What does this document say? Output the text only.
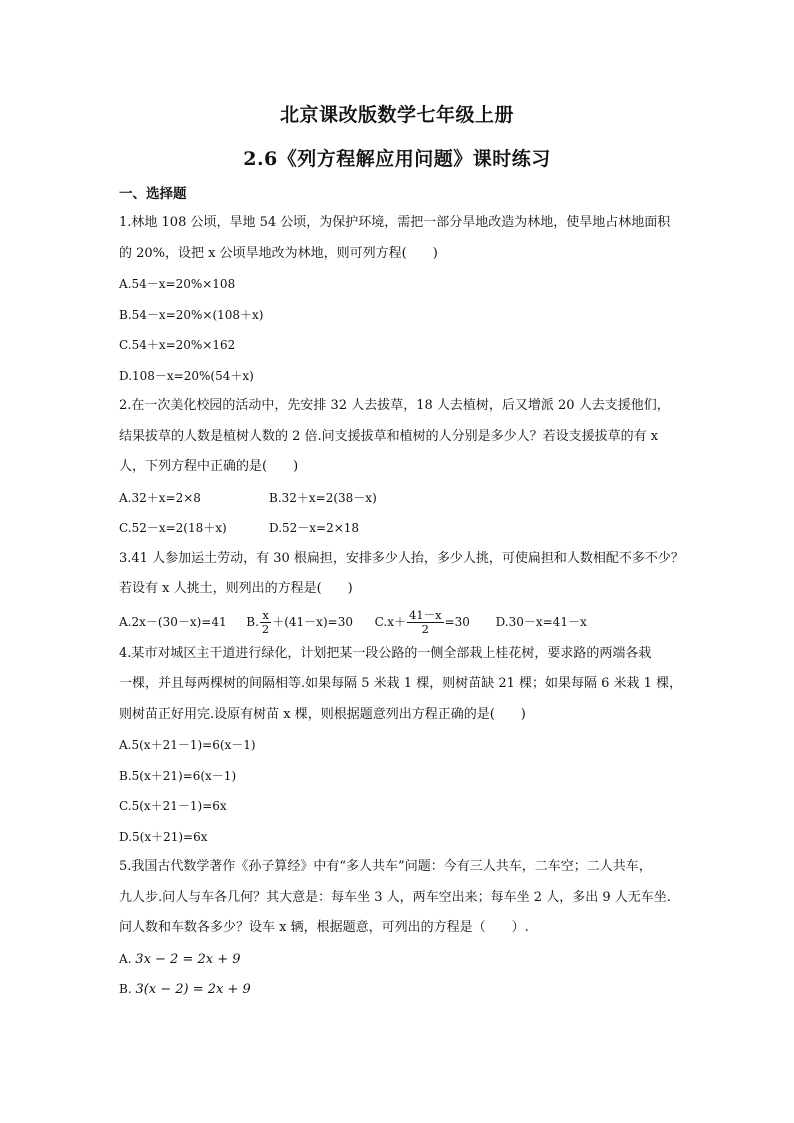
北京课改版数学七年级上册
2.6《列方程解应用问题》课时练习
一、选择题
1.林地 108 公顷，旱地 54 公顷，为保护环境，需把一部分旱地改造为林地，使旱地占林地面积
的 20%，设把 x 公顷旱地改为林地，则可列方程(　　)
A.54－x=20%×108
B.54－x=20%×(108＋x)
C.54＋x=20%×162
D.108－x=20%(54＋x)
2.在一次美化校园的活动中，先安排 32 人去拔草，18 人去植树，后又增派 20 人去支援他们，
结果拔草的人数是植树人数的 2 倍.问支援拔草和植树的人分别是多少人？若设支援拔草的有 x
人，下列方程中正确的是(　　)
A.32＋x=2×8	B.32＋x=2(38－x)
C.52－x=2(18＋x)	D.52－x=2×18
3.41 人参加运土劳动，有 30 根扁担，安排多少人抬，多少人挑，可使扁担和人数相配不多不少？
若设有 x 人挑土，则列出的方程是(　　)
A.2x－(30－x)=41 B. $\frac{x}{2} +(41-x)=30$ $C.x+ \frac{41-x}{2} =30$ D.30－x=41－x
4.某市对城区主干道进行绿化，计划把某一段公路的一侧全部栽上桂花树，要求路的两端各栽
一棵，并且每两棵树的间隔相等.如果每隔 5 米栽 1 棵，则树苗缺 21 棵；如果每隔 6 米栽 1 棵，
则树苗正好用完.设原有树苗 x 棵，则根据题意列出方程正确的是(　　)
A.5(x＋21－1)=6(x－1)
B.5(x＋21)=6(x－1)
C.5(x＋21－1)=6x
D.5(x＋21)=6x
5.我国古代数学著作《孙子算经》中有“多人共车”问题：今有三人共车，二车空；二人共车，
九人步.问人与车各几何？其大意是：每车坐 3 人，两车空出来；每车坐 2 人，多出 9 人无车坐.
问人数和车数各多少？设车 x 辆，根据题意，可列出的方程是（　　）.
A. 3x − 2 = 2x + 9
B. 3(x − 2) = 2x + 9
